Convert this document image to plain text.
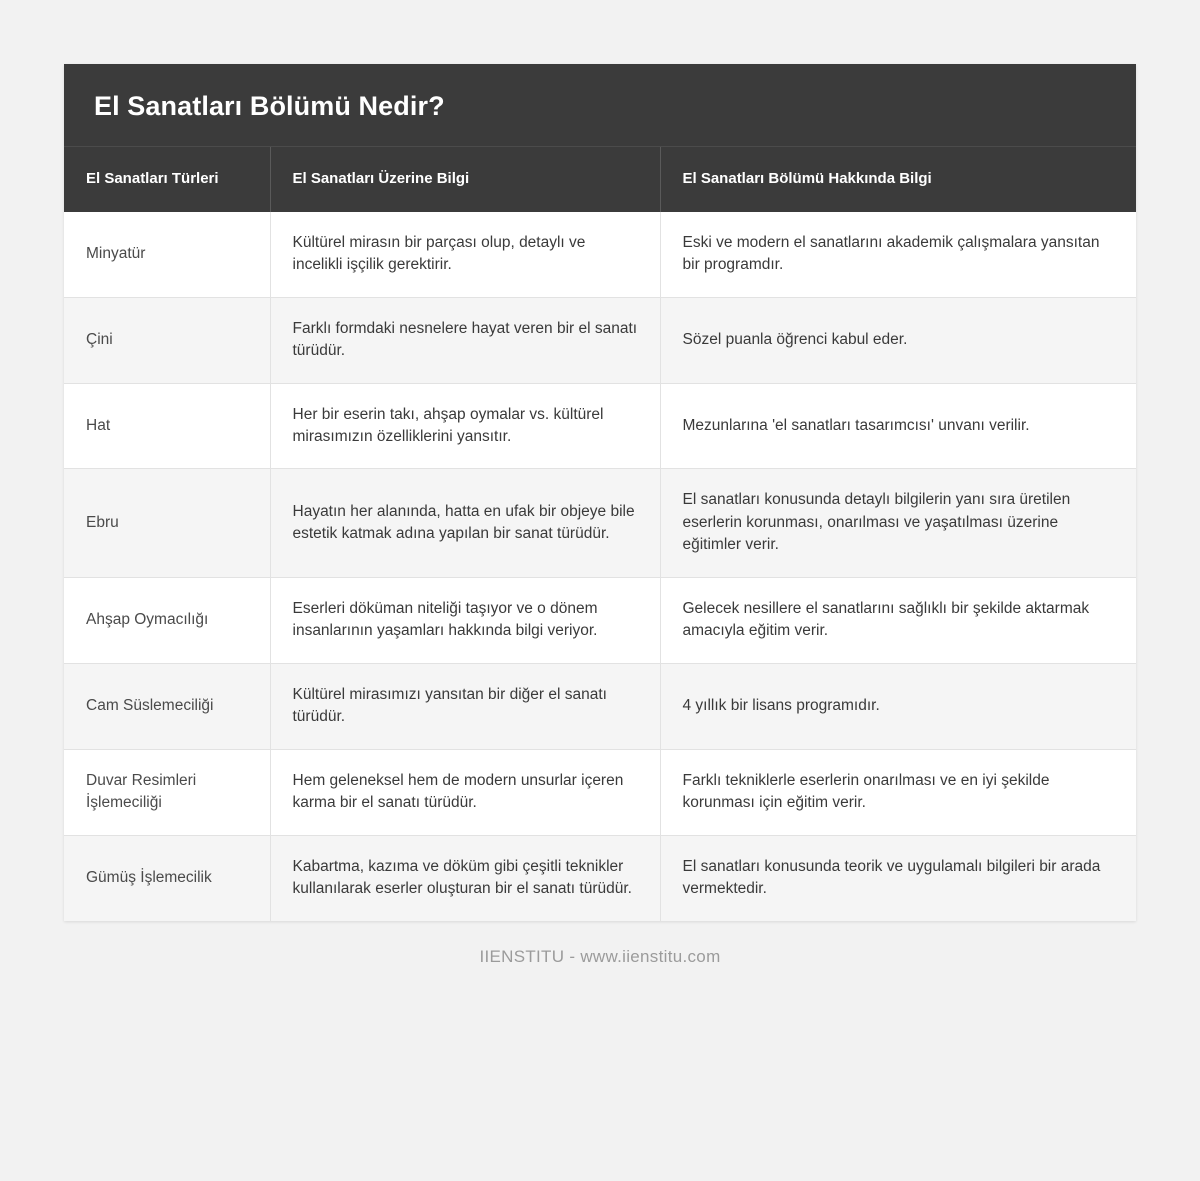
El Sanatları Bölümü Nedir?
El Sanatları Türleri	El Sanatları Üzerine Bilgi	El Sanatları Bölümü Hakkında Bilgi
Minyatür	Kültürel mirasın bir parçası olup, detaylı ve incelikli işçilik gerektirir.	Eski ve modern el sanatlarını akademik çalışmalara yansıtan bir programdır.
Çini	Farklı formdaki nesnelere hayat veren bir el sanatı türüdür.	Sözel puanla öğrenci kabul eder.
Hat	Her bir eserin takı, ahşap oymalar vs. kültürel mirasımızın özelliklerini yansıtır.	Mezunlarına 'el sanatları tasarımcısı' unvanı verilir.
Ebru	Hayatın her alanında, hatta en ufak bir objeye bile estetik katmak adına yapılan bir sanat türüdür.	El sanatları konusunda detaylı bilgilerin yanı sıra üretilen eserlerin korunması, onarılması ve yaşatılması üzerine eğitimler verir.
Ahşap Oymacılığı	Eserleri döküman niteliği taşıyor ve o dönem insanlarının yaşamları hakkında bilgi veriyor.	Gelecek nesillere el sanatlarını sağlıklı bir şekilde aktarmak amacıyla eğitim verir.
Cam Süslemeciliği	Kültürel mirasımızı yansıtan bir diğer el sanatı türüdür.	4 yıllık bir lisans programıdır.
Duvar Resimleri İşlemeciliği	Hem geleneksel hem de modern unsurlar içeren karma bir el sanatı türüdür.	Farklı tekniklerle eserlerin onarılması ve en iyi şekilde korunması için eğitim verir.
Gümüş İşlemecilik	Kabartma, kazıma ve döküm gibi çeşitli teknikler kullanılarak eserler oluşturan bir el sanatı türüdür.	El sanatları konusunda teorik ve uygulamalı bilgileri bir arada vermektedir.
IIENSTITU - www.iienstitu.com
